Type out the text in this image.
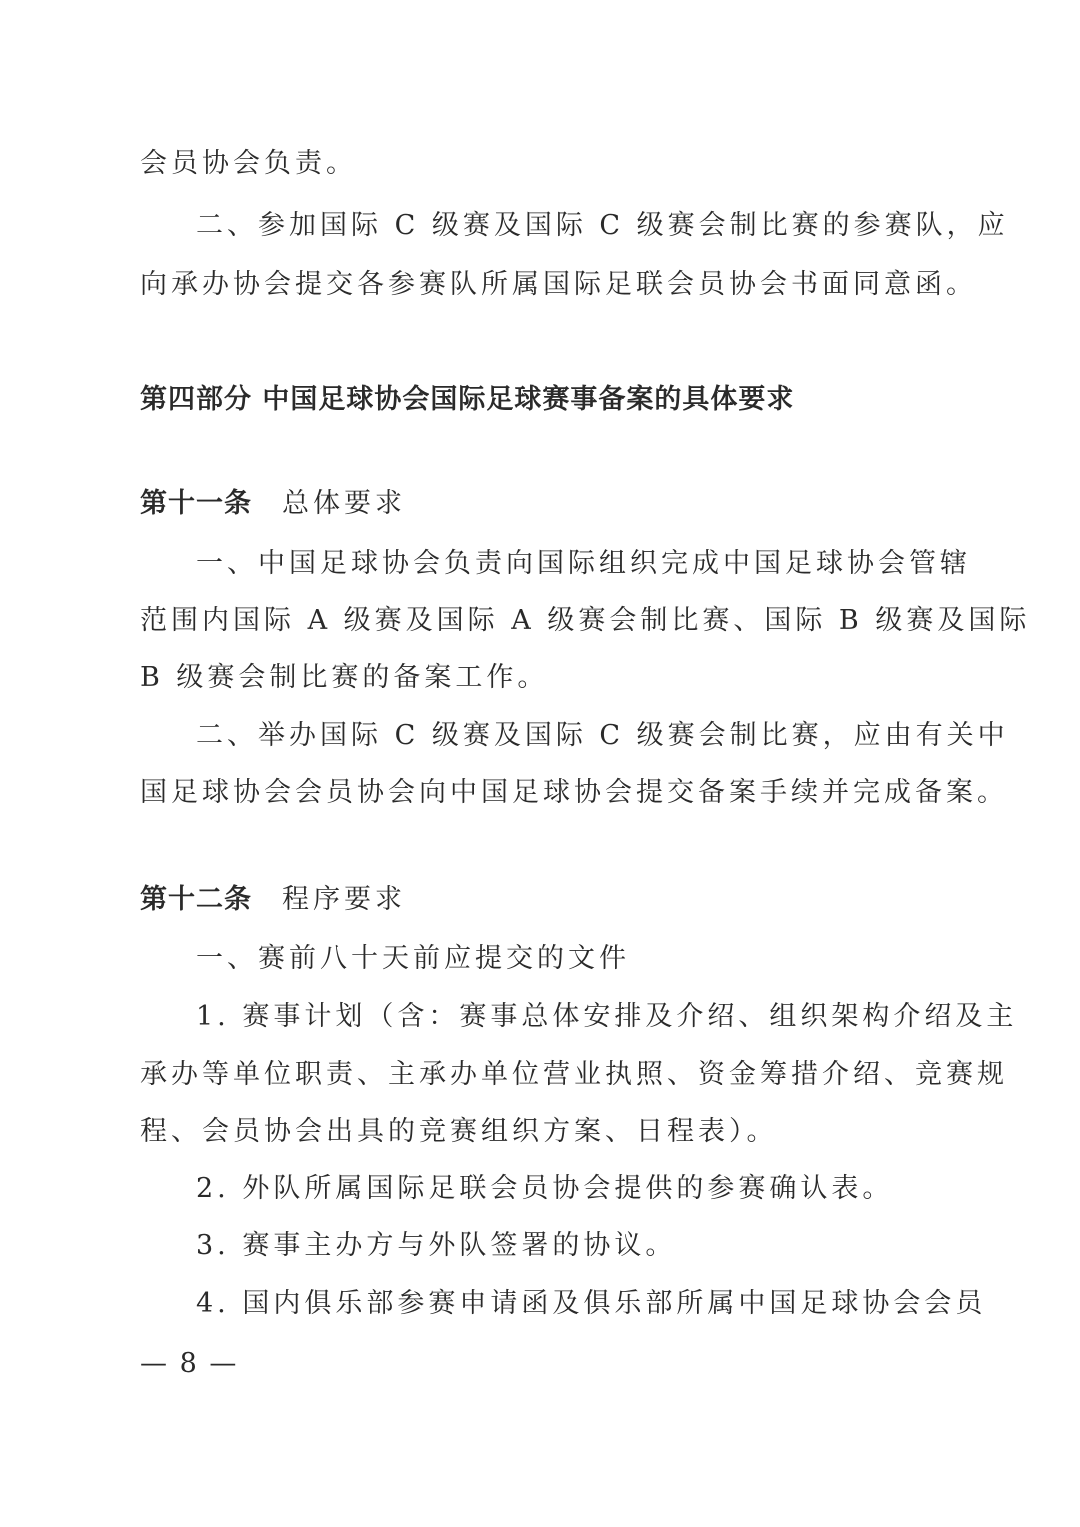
会员协会负责。
二、参加国际 C 级赛及国际 C 级赛会制比赛的参赛队，应
向承办协会提交各参赛队所属国际足联会员协会书面同意函。
第四部分 中国足球协会国际足球赛事备案的具体要求
第十一条 总体要求
一、中国足球协会负责向国际组织完成中国足球协会管辖
范围内国际 A 级赛及国际 A 级赛会制比赛、国际 B 级赛及国际
B 级赛会制比赛的备案工作。
二、举办国际 C 级赛及国际 C 级赛会制比赛，应由有关中
国足球协会会员协会向中国足球协会提交备案手续并完成备案。
第十二条 程序要求
一、赛前八十天前应提交的文件
1. 赛事计划（含：赛事总体安排及介绍、组织架构介绍及主
承办等单位职责、主承办单位营业执照、资金筹措介绍、竞赛规
程、会员协会出具的竞赛组织方案、日程表）。
2. 外队所属国际足联会员协会提供的参赛确认表。
3. 赛事主办方与外队签署的协议。
4. 国内俱乐部参赛申请函及俱乐部所属中国足球协会会员
— 8 —
